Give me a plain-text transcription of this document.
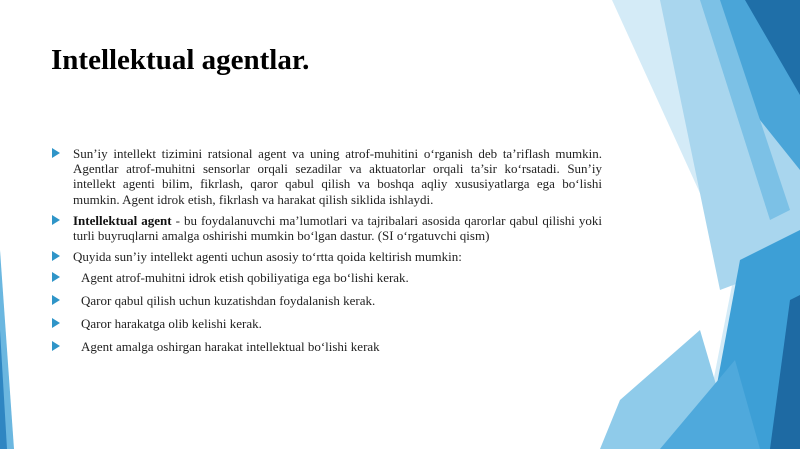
Intellektual agentlar.
Sun’iy intellekt tizimini ratsional agent va uning atrof-muhitini o‘rganish deb ta’riflash mumkin. Agentlar atrof-muhitni sensorlar orqali sezadilar va aktuatorlar orqali ta’sir ko‘rsatadi. Sun’iy intellekt agenti bilim, fikrlash, qaror qabul qilish va boshqa aqliy xususiyatlarga ega bo‘lishi mumkin. Agent idrok etish, fikrlash va harakat qilish siklida ishlaydi.
Intellektual agent - bu foydalanuvchi ma’lumotlari va tajribalari asosida qarorlar qabul qilishi yoki turli buyruqlarni amalga oshirishi mumkin bo‘lgan dastur. (SI o‘rgatuvchi qism)
Quyida sun’iy intellekt agenti uchun asosiy to‘rtta qoida keltirish mumkin:
Agent atrof-muhitni idrok etish qobiliyatiga ega bo‘lishi kerak.
Qaror qabul qilish uchun kuzatishdan foydalanish kerak.
Qaror harakatga olib kelishi kerak.
Agent amalga oshirgan harakat intellektual bo‘lishi kerak
